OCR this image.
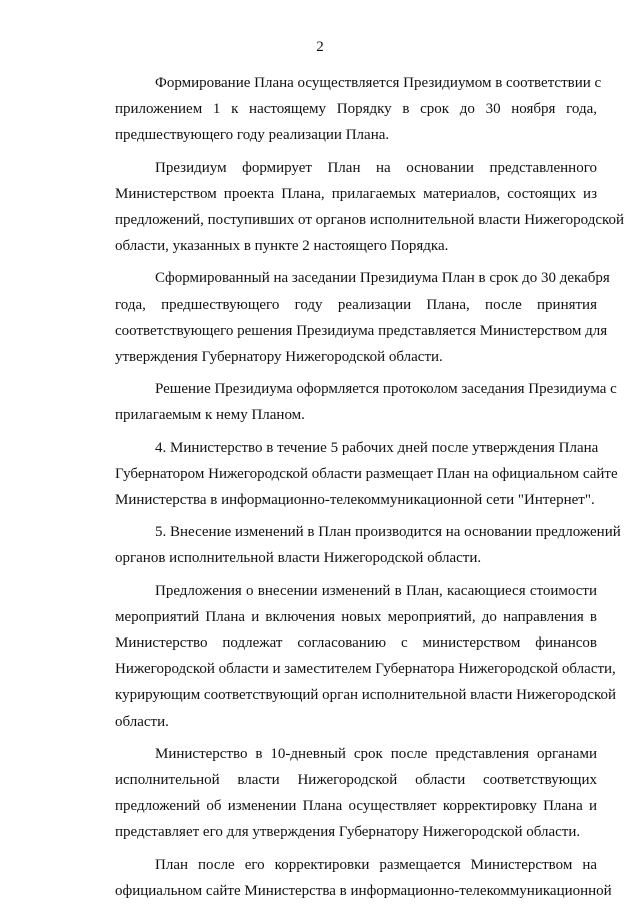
2
Формирование Плана осуществляется Президиумом в соответствии с
приложением 1 к настоящему Порядку в срок до 30 ноября года,
предшествующего году реализации Плана.
Президиум формирует План на основании представленного
Министерством проекта Плана, прилагаемых материалов, состоящих из
предложений, поступивших от органов исполнительной власти Нижегородской
области, указанных в пункте 2 настоящего Порядка.
Сформированный на заседании Президиума План в срок до 30 декабря
года, предшествующего году реализации Плана, после принятия
соответствующего решения Президиума представляется Министерством для
утверждения Губернатору Нижегородской области.
Решение Президиума оформляется протоколом заседания Президиума с
прилагаемым к нему Планом.
4. Министерство в течение 5 рабочих дней после утверждения Плана
Губернатором Нижегородской области размещает План на официальном сайте
Министерства в информационно-телекоммуникационной сети "Интернет".
5. Внесение изменений в План производится на основании предложений
органов исполнительной власти Нижегородской области.
Предложения о внесении изменений в План, касающиеся стоимости
мероприятий Плана и включения новых мероприятий, до направления в
Министерство подлежат согласованию с министерством финансов
Нижегородской области и заместителем Губернатора Нижегородской области,
курирующим соответствующий орган исполнительной власти Нижегородской
области.
Министерство в 10-дневный срок после представления органами
исполнительной власти Нижегородской области соответствующих
предложений об изменении Плана осуществляет корректировку Плана и
представляет его для утверждения Губернатору Нижегородской области.
План после его корректировки размещается Министерством на
официальном сайте Министерства в информационно-телекоммуникационной
